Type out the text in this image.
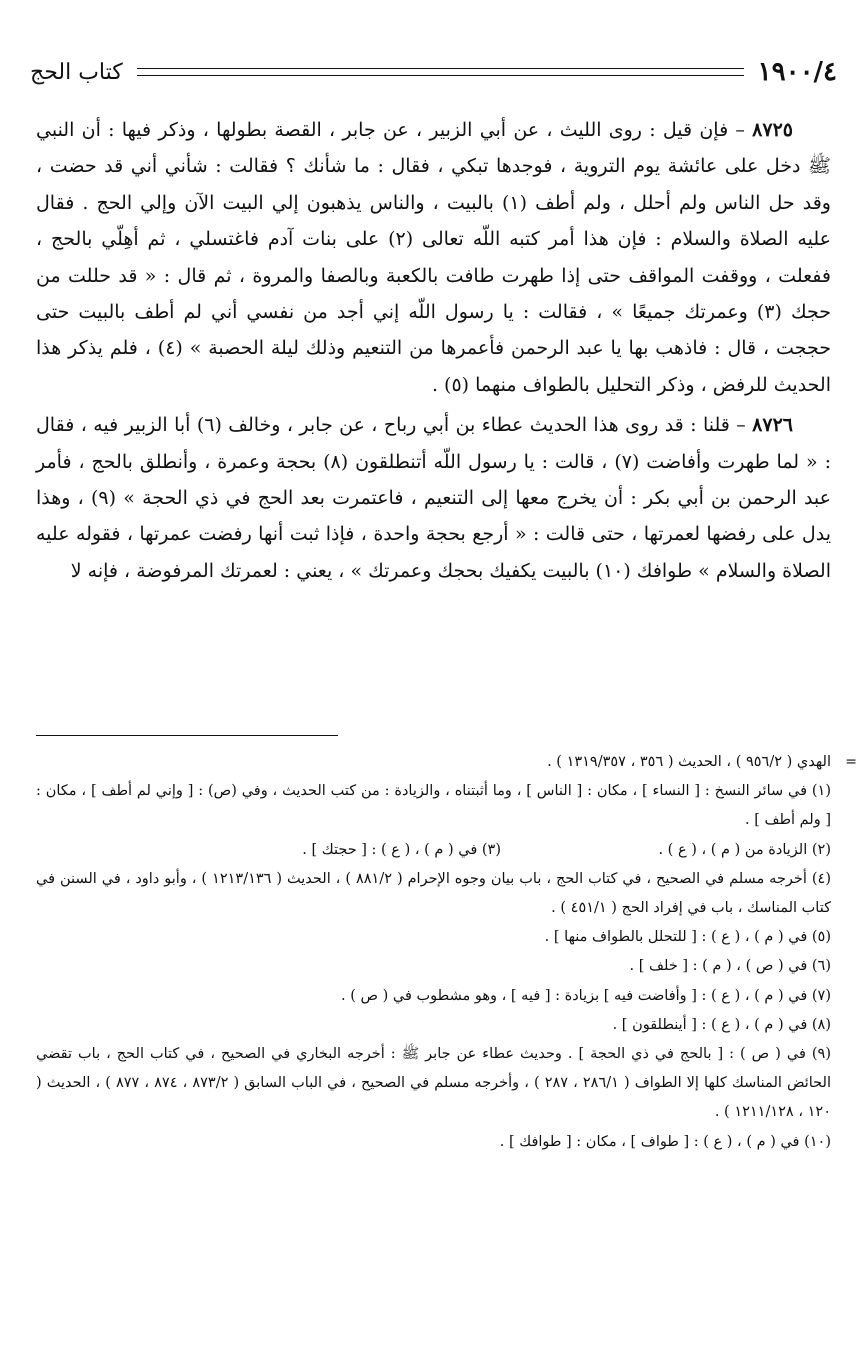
١٩٠٠/٤
كتاب الحج

٨٧٢٥ – فإن قيل : روى الليث ، عن أبي الزبير ، عن جابر ، القصة بطولها ، وذكر فيها : أن النبي ﷺ دخل على عائشة يوم التروية ، فوجدها تبكي ، فقال : ما شأنك ؟ فقالت : شأني أني قد حضت ، وقد حل الناس ولم أحلل ، ولم أطف (١) بالبيت ، والناس يذهبون إلي البيت الآن وإلي الحج . فقال عليه الصلاة والسلام : فإن هذا أمر كتبه اللّه تعالى (٢) على بنات آدم فاغتسلي ، ثم أهِلّي بالحج ، ففعلت ، ووقفت المواقف حتى إذا طهرت طافت بالكعبة وبالصفا والمروة ، ثم قال : « قد حللت من حجك (٣) وعمرتك جميعًا » ، فقالت : يا رسول اللّه إني أجد من نفسي أني لم أطف بالبيت حتى حججت ، قال : فاذهب بها يا عبد الرحمن فأعمرها من التنعيم وذلك ليلة الحصبة » (٤) ، فلم يذكر هذا الحديث للرفض ، وذكر التحليل بالطواف منهما (٥) .

٨٧٢٦ – قلنا : قد روى هذا الحديث عطاء بن أبي رباح ، عن جابر ، وخالف (٦) أبا الزبير فيه ، فقال : « لما طهرت وأفاضت (٧) ، قالت : يا رسول اللّه أتنطلقون (٨) بحجة وعمرة ، وأنطلق بالحج ، فأمر عبد الرحمن بن أبي بكر : أن يخرج معها إلى التنعيم ، فاعتمرت بعد الحج في ذي الحجة » (٩) ، وهذا يدل على رفضها لعمرتها ، حتى قالت : « أرجع بحجة واحدة ، فإذا ثبت أنها رفضت عمرتها ، فقوله عليه الصلاة والسلام » طوافك (١٠) بالبيت يكفيك بحجك وعمرتك » ، يعني : لعمرتك المرفوضة ، فإنه لا

=
الهدي ( ٩٥٦/٢ ) ، الحديث ( ٣٥٦ ، ١٣١٩/٣٥٧ ) .
(١) في سائر النسخ : [ النساء ] ، مكان : [ الناس ] ، وما أثبتناه ، والزيادة : من كتب الحديث ، وفي (ص) : [ وإني لم أطف ] ، مكان : [ ولم أطف ] .
(٢) الزيادة من ( م ) ، ( ع ) .
(٣) في ( م ) ، ( ع ) : [ حجتك ] .
(٤) أخرجه مسلم في الصحيح ، في كتاب الحج ، باب بيان وجوه الإحرام ( ٨٨١/٢ ) ، الحديث ( ١٢١٣/١٣٦ ) ، وأبو داود ، في السنن في كتاب المناسك ، باب في إفراد الحج ( ٤٥١/١ ) .
(٥) في ( م ) ، ( ع ) : [ للتحلل بالطواف منها ] .
(٦) في ( ص ) ، ( م ) : [ خلف ] .
(٧) في ( م ) ، ( ع ) : [ وأفاضت فيه ] بزيادة : [ فيه ] ، وهو مشطوب في ( ص ) .
(٨) في ( م ) ، ( ع ) : [ أينطلقون ] .
(٩) في ( ص ) : [ بالحج في ذي الحجة ] . وحديث عطاء عن جابر ﷺ : أخرجه البخاري في الصحيح ، في كتاب الحج ، باب تقضي الحائض المناسك كلها إلا الطواف ( ٢٨٦/١ ، ٢٨٧ ) ، وأخرجه مسلم في الصحيح ، في الباب السابق ( ٨٧٣/٢ ، ٨٧٤ ، ٨٧٧ ) ، الحديث ( ١٢٠ ، ١٢١١/١٢٨ ) .
(١٠) في ( م ) ، ( ع ) : [ طواف ] ، مكان : [ طوافك ] .
